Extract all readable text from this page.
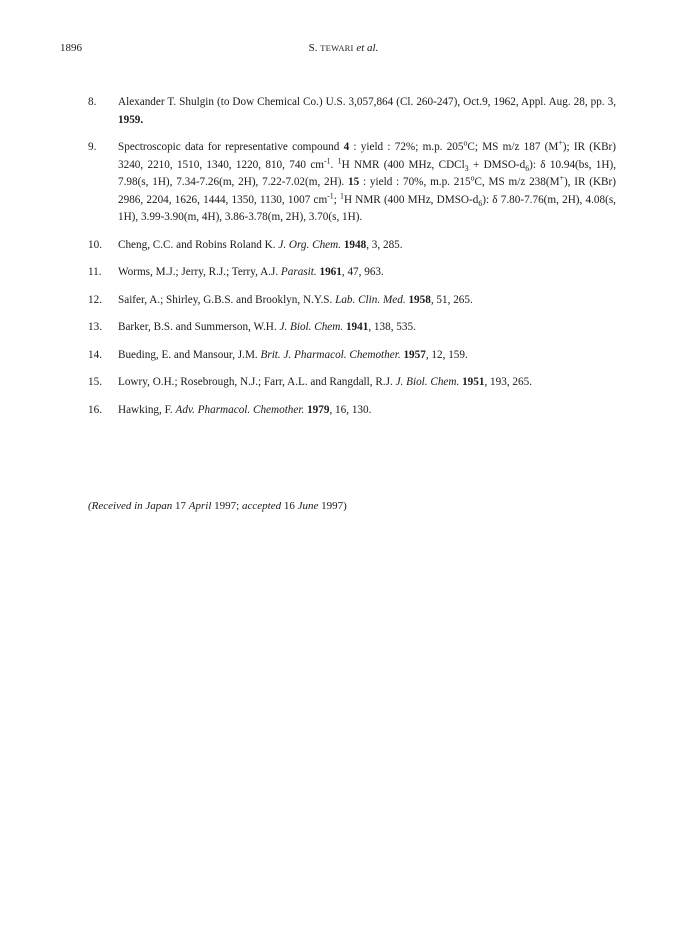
1896	S. TEWARI et al.
8. Alexander T. Shulgin (to Dow Chemical Co.) U.S. 3,057,864 (Cl. 260-247), Oct.9, 1962, Appl. Aug. 28, pp. 3, 1959.
9. Spectroscopic data for representative compound 4 : yield : 72%; m.p. 205$^o$C; MS m/z 187 (M+); IR (KBr) 3240, 2210, 1510, 1340, 1220, 810, 740 $cm^{-1}$. $^1$H NMR (400 MHz, CDCl$_3$ + DMSO-$d_6$): δ 10.94(bs, 1H), 7.98(s, 1H), 7.34-7.26(m, 2H), 7.22-7.02(m, 2H). 15 : yield : 70%, m.p. 215$^o$C, MS m/z 238(M+), IR (KBr) 2986, 2204, 1626, 1444, 1350, 1130, 1007 $cm^{-1}$; $^1$H NMR (400 MHz, DMSO-$d_6$): δ 7.80-7.76(m, 2H), 4.08(s, 1H), 3.99-3.90(m, 4H), 3.86-3.78(m, 2H), 3.70(s, 1H).
10. Cheng, C.C. and Robins Roland K. J. Org. Chem. 1948, 3, 285.
11. Worms, M.J.; Jerry, R.J.; Terry, A.J. Parasit. 1961, 47, 963.
12. Saifer, A.; Shirley, G.B.S. and Brooklyn, N.Y.S. Lab. Clin. Med. 1958, 51, 265.
13. Barker, B.S. and Summerson, W.H. J. Biol. Chem. 1941, 138, 535.
14. Bueding, E. and Mansour, J.M. Brit. J. Pharmacol. Chemother. 1957, 12, 159.
15. Lowry, O.H.; Rosebrough, N.J.; Farr, A.L. and Rangdall, R.J. J. Biol. Chem. 1951, 193, 265.
16. Hawking, F. Adv. Pharmacol. Chemother. 1979, 16, 130.
(Received in Japan 17 April 1997; accepted 16 June 1997)
